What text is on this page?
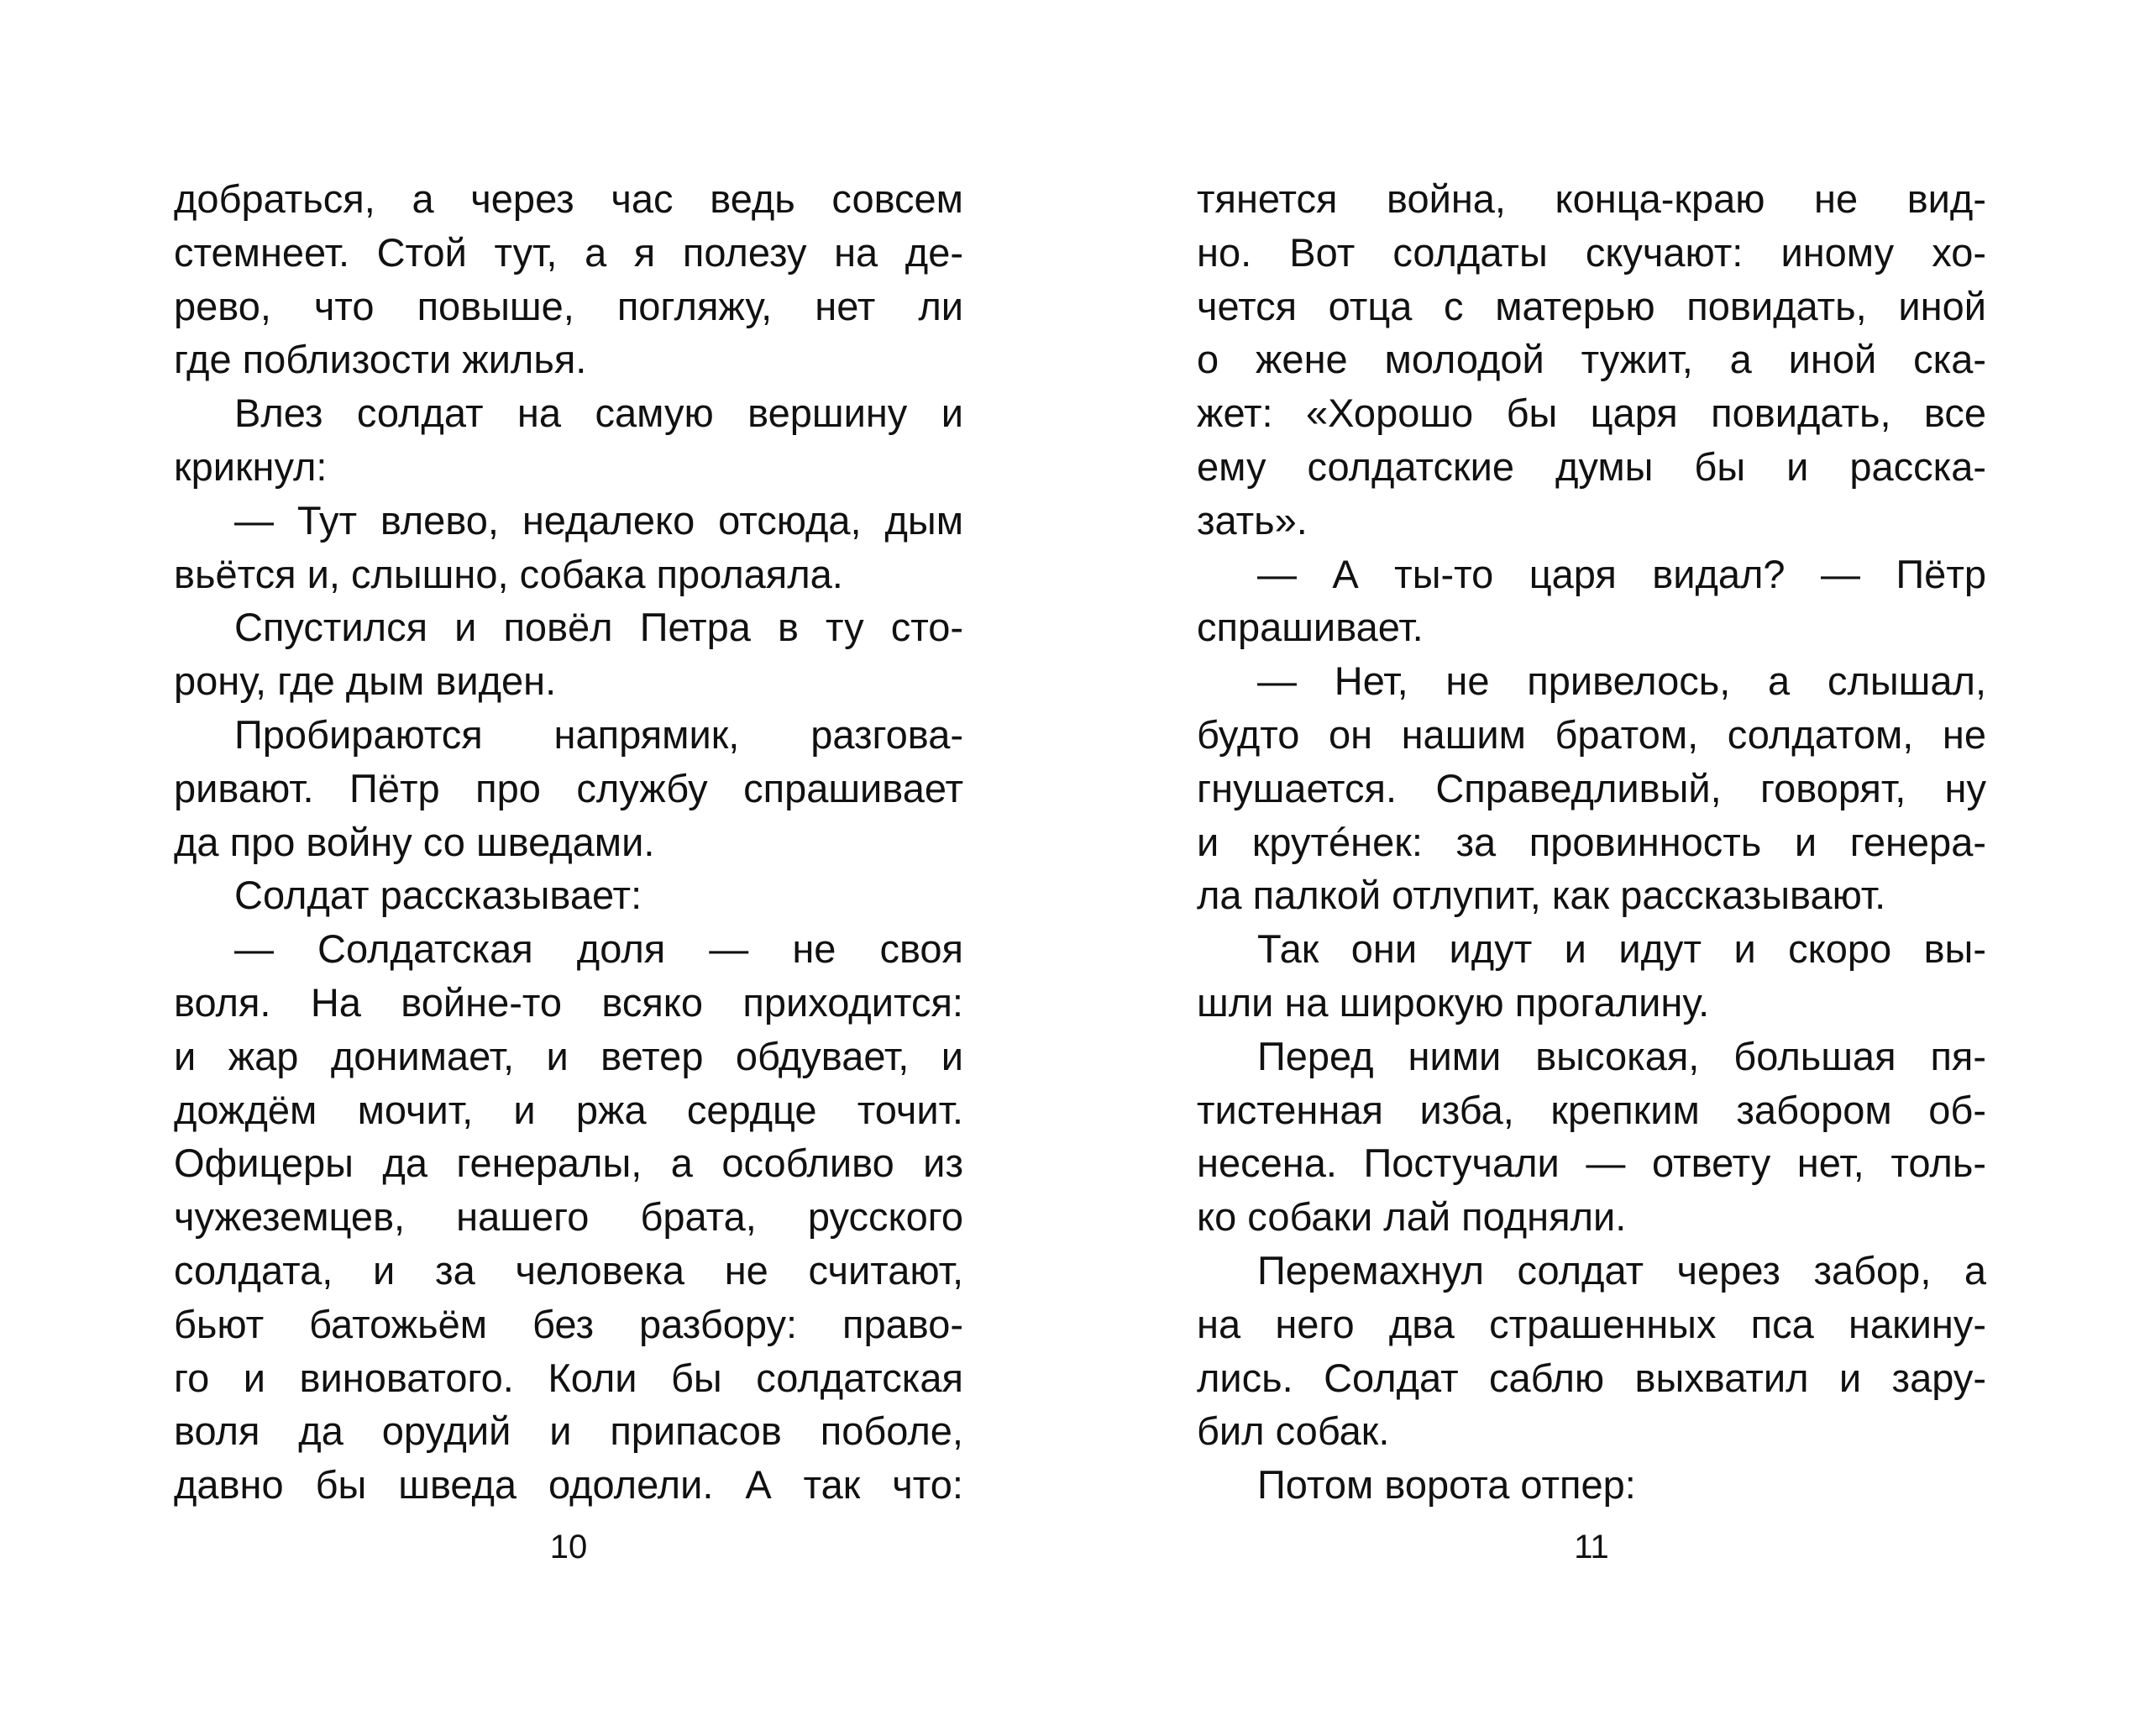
добраться, а через час ведь совсем
стемнеет. Стой тут, а я полезу на де-
рево, что повыше, погляжу, нет ли
где поблизости жилья.
Влез солдат на самую вершину и
крикнул:
— Тут влево, недалеко отсюда, дым
вьётся и, слышно, собака пролаяла.
Спустился и повёл Петра в ту сто-
рону, где дым виден.
Пробираются напрямик, разгова-
ривают. Пётр про службу спрашивает
да про войну со шведами.
Солдат рассказывает:
— Солдатская доля — не своя
воля. На войне-то всяко приходится:
и жар донимает, и ветер обдувает, и
дождём мочит, и ржа сердце точит.
Офицеры да генералы, а особливо из
чужеземцев, нашего брата, русского
солдата, и за человека не считают,
бьют батожьём без разбору: право-
го и виноватого. Коли бы солдатская
воля да орудий и припасов поболе,
давно бы шведа одолели. А так что:
10
тянется война, конца-краю не вид-
но. Вот солдаты скучают: иному хо-
чется отца с матерью повидать, иной
о жене молодой тужит, а иной ска-
жет: «Хорошо бы царя повидать, все
ему солдатские думы бы и расска-
зать».
— А ты-то царя видал? — Пётр
спрашивает.
— Нет, не привелось, а слышал,
будто он нашим братом, солдатом, не
гнушается. Справедливый, говорят, ну
и крутéнек: за провинность и генера-
ла палкой отлупит, как рассказывают.
Так они идут и идут и скоро вы-
шли на широкую прогалину.
Перед ними высокая, большая пя-
тистенная изба, крепким забором об-
несена. Постучали — ответу нет, толь-
ко собаки лай подняли.
Перемахнул солдат через забор, а
на него два страшенных пса накину-
лись. Солдат саблю выхватил и зару-
бил собак.
Потом ворота отпер:
11
